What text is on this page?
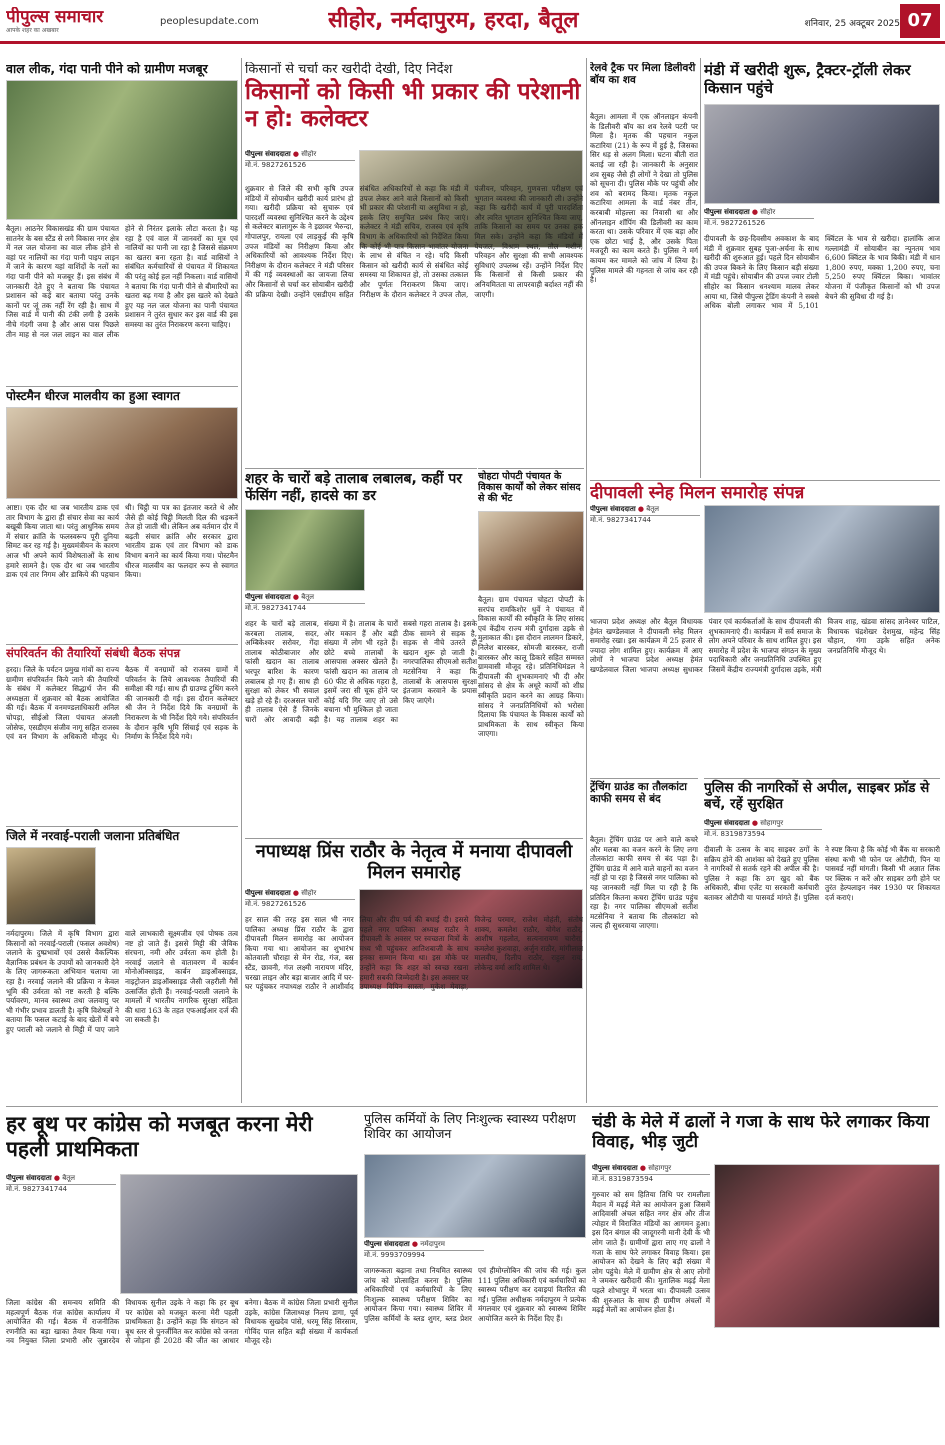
पीपुल्स समाचार
आपके शहर का अखबार
peoplesupdate.com	सीहोर, नर्मदापुरम, हरदा, बैतूल	शनिवार, 25 अक्टूबर 2025 07
वाल लीक, गंदा पानी पीने को ग्रामीण मजबूर
बैतूल। आठनेर विकासखंड की ग्राम पंचायत सातनेर के बस स्टैंड से लगे विकास नगर क्षेत्र में नल जल योजना का वाल लीक होने से वहां पर नालियों का गंदा पानी पाइप लाइन में जाने के कारण यहां वाशिंदों के नलों का गंदा पानी पीने को मजबूर हैं। इस संबंध में जानकारी देते हुए ने बताया कि पंचायत प्रशासन को कई बार बताया परंतु उनके कानों पर जूं तक नहीं रेंग रही है। साथ में जिस वार्ड में पानी की टंकी लगी है उसके नीचे गंदगी जमा है और आस पास पिछले तीन माह से नल जल लाइन का वाल लीक होने से निरंतर इलाके लौटा करता है। यह रहा है एवं वाल में जानवरों का मूत्र एवं नालियों का पानी जा रहा है जिससे संक्रमण का खतरा बना रहता है। वार्ड वासियों ने संबंधित कर्मचारियों से पंचायत में शिकायत की परंतु कोई हल नहीं निकला। वार्ड वासियों ने बताया कि गंदा पानी पीने से बीमारियों का खतरा बढ़ गया है और इस खतरे को देखते हुए यह नल जल योजना का पानी पंचायत प्रशासन ने तुरंत सुधार कर इस वार्ड की इस समस्या का तुरंत निराकरण करना चाहिए।
पोस्टमैन धीरज मालवीय का हुआ स्वागत
आष्टा। एक दौर था जब भारतीय डाक एवं तार विभाग के द्वारा ही संचार सेवा का कार्य बखूबी किया जाता था। परंतु आधुनिक समय में संचार क्रांति के फलस्वरूप पूरी दुनिया सिमट कर रह गई है। मुख्यमंत्रीयन के कारण आज भी अपने कार्य विशेषताओं के साथ हमारे सामने है। एक दौर था जब भारतीय डाक एवं तार निगम और डाकिये की पहचान थी। चिट्ठी या पत्र का इंतजार करते थे और जैसे ही कोई चिट्ठी मिलती दिल की धड़कनें तेज हो जाती थी। लेकिन अब वर्तमान दौर में बढ़ती संचार क्रांति और सरकार द्वारा भारतीय डाक एवं तार विभाग को डाक विभाग बनाने का कार्य किया गया। पोस्टमैन धीरज मालवीय का फलदार रूप से स्वागत किया।
संपरिवर्तन की तैयारियों संबंधी बैठक संपन्न
हरदा। जिले के पर्यटन प्रमुख गांवों का राज्य ग्रामीण संपरिवर्तन किये जाने की तैयारियों के संबंध में कलेक्टर सिद्धार्थ जैन की अध्यक्षता में शुक्रवार को बैठक आयोजित की गई। बैठक में वनमण्डलाधिकारी अनिल चोपड़ा, सीईओ जिला पंचायत अंजली जोसेफ, एसडीएम संजीव नागू सहित राजस्व एवं वन विभाग के अधिकारी मौजूद थे। बैठक में वनग्रामों को राजस्व ग्रामों में परिवर्तन के लिये आवश्यक तैयारियों की समीक्षा की गई। साथ ही ग्राउण्ड ट्रूथिंग करने की जानकारी दी गई। इस दौरान कलेक्टर श्री जैन ने निर्देश दिये कि वनग्रामों के निराकरण के भी निर्देश दिये गये। संपरिवर्तन के दौरान कृषि भूमि सिंचाई एवं सड़क के निर्माण के निर्देश दिये गये।
जिले में नरवाई-पराली जलाना प्रतिबंधित
नर्मदापुरम। जिले में कृषि विभाग द्वारा किसानों को नरवाई-पराली (फसल अवशेष) जलाने के दुष्प्रभावों एवं उससे वैकल्पिक वैज्ञानिक प्रबंधन के उपायों को जानकारी देने के लिए जागरूकता अभियान चलाया जा रहा है। नरवाई जलाने की प्रक्रिया न केवल भूमि की उर्वरता को नष्ट करती है बल्कि पर्यावरण, मानव स्वास्थ्य तथा जलवायु पर भी गंभीर प्रभाव डालती है। कृषि विशेषज्ञों ने बताया कि फसल कटाई के बाद खेतों में बचे हुए पराली को जलाने से मिट्टी में पाए जाने वाले लाभकारी सूक्ष्मजीव एवं पोषक तत्व नष्ट हो जाते हैं। इससे मिट्टी की जैविक संरचना, नमी और उर्वरता कम होती है। नरवाई जलाने से वातावरण में कार्बन मोनोऑक्साइड, कार्बन डाइऑक्साइड, नाइट्रोजन डाइऑक्साइड जैसी जहरीली गैसें उत्सर्जित होती हैं। नरवाई-पराली जलाने के मामलों में भारतीय नागरिक सुरक्षा संहिता की धारा 163 के तहत एफआईआर दर्ज की जा सकती है।
किसानों से चर्चा कर खरीदी देखी, दिए निर्देश
किसानों को किसी भी प्रकार की परेशानी न हो: कलेक्टर
पीपुल्स संवाददाता ● सीहोर
मो.नं. 9827261526
शुक्रवार से जिले की सभी कृषि उपज मंडियों में सोयाबीन खरीदी कार्य प्रारंभ हो गया। खरीदी प्रक्रिया को सुचारू एवं पारदर्शी व्यवस्था सुनिश्चित करने के उद्देश्य से कलेक्टर बालागुरू के ने इछावर भैरुन्दा, गोपालपुर, रायला एवं लाड़कुई की कृषि उपज मंडियों का निरीक्षण किया और अधिकारियों को आवश्यक निर्देश दिए। निरीक्षण के दौरान कलेक्टर ने मंडी परिसर में की गई व्यवस्थाओं का जायजा लिया और किसानों से चर्चा कर सोयाबीन खरीदी की प्रक्रिया देखी। उन्होंने एसडीएम सहित संबंधित अधिकारियों से कहा कि मंडी में उपज लेकर आने वाले किसानों को किसी भी प्रकार की परेशानी या असुविधा न हो, इसके लिए समुचित प्रबंध किए जाएं। कलेक्टर ने मंडी सचिव, राजस्व एवं कृषि विभाग के अधिकारियों को निर्देशित किया कि कोई भी पात्र किसान भावांतर योजना के लाभ से वंचित न रहे। यदि किसी किसान को खरीदी कार्य से संबंधित कोई समस्या या शिकायत हो, तो उसका तत्काल और पूर्णतः निराकरण किया जाए। निरीक्षण के दौरान कलेक्टर ने उपज तौल, पंजीयन, परिवहन, गुणवत्ता परीक्षण एवं भुगतान व्यवस्था की जानकारी ली। उन्होंने कहा कि खरीदी कार्य में पूरी पारदर्शिता और त्वरित भुगतान सुनिश्चित किया जाए, ताकि किसानों का समय पर उनका हक मिल सके। उन्होंने कहा कि मंडियों में पेयजल, विश्राम स्थल, तौल मशीन, परिवहन और सुरक्षा की सभी आवश्यक सुविधाएं उपलब्ध रहें। उन्होंने निर्देश दिए कि किसानों से किसी प्रकार की अनियमितता या लापरवाही बर्दाश्त नहीं की जाएगी।
शहर के चारों बड़े तालाब लबालब, कहीं पर फेंसिंग नहीं, हादसे का डर
पीपुल्स संवाददाता ● बैतूल
मो.नं. 9827341744
शहर के चारों बड़े तालाब, करबला तालाब, सदर, अम्बिकेश्वर सरोवर, गेंदा तालाब कोठीबाजार और फांसी खदान का तालाब भरपूर बारिश के कारण लबालब हो गए हैं। साथ ही सुरक्षा को लेकर भी सवाल खड़े हो रहे हैं। दरअसल चारों ही तालाब ऐसे हैं जिनके चारों ओर आवादी बढ़ी संख्या में है। तालाब के चारों ओर मकान हैं और बड़ी संख्या में लोग भी रहते हैं। छोटे बच्चे तालाबों के आसपास अक्सर खेलते हैं। फांसी खदान का तालाब तो 60 फीट से अधिक गहरा है, इसमें जरा सी चूक होने पर कोई यदि गिर जाए तो उसे बचाना भी मुश्किल हो जाता है। यह तालाब शहर का सबसे गहरा तालाब है। इसके ठीक सामने से सड़क है, सड़क से नीचे उतरते ही खदान शुरू हो जाती है। नगरपालिका सीएमओ सतीश मटसेनिया ने कहा कि तालाबों के आसपास सुरक्षा इंतजाम करवाने के प्रयास किए जाएंगे।
चोहटा पोपटी पंचायत के विकास कार्यों को लेकर सांसद से की भेंट
बैतूल। ग्राम पंचायत चोहटा पोपटी के सरपंच रामकिशोर धुर्वे ने पंचायत में विकास कार्यों की स्वीकृति के लिए सांसद एवं केंद्रीय राज्य मंत्री दुर्गादास उइके से मुलाकात की। इस दौरान लालमन डिकारे, निलेश बारस्कर, सोमजी बारस्कर, राजी बारस्कर और कालू डिकारे सहित सम्मस्त ग्रामवासी मौजूद रहे। प्रतिनिधिमंडल ने दीपावली की शुभकामनाएं भी दी और सांसद से क्षेत्र के अधूरे कार्यों को शीघ्र स्वीकृति प्रदान करने का आग्रह किया। सांसद ने जनप्रतिनिधियों को भरोसा दिलाया कि पंचायत के विकास कार्यों को प्राथमिकता के साथ स्वीकृत किया जाएगा।
नपाध्यक्ष प्रिंस राठौर के नेतृत्व में मनाया दीपावली मिलन समारोह
पीपुल्स संवाददाता ● सीहोर
मो.नं. 9827261526
हर साल की तरह इस साल भी नगर पालिका अध्यक्ष प्रिंस राठौर के द्वारा दीपावली मिलन समारोह का आयोजन किया गया था। आयोजन का शुभारंभ कोतवाली चौराहा से मेन रोड, गंज, बस स्टैंड, छावनी, गंज लक्ष्मी नारायण मंदिर, चरखा लाइन और बड़ा बाजार आदि में घर-घर पहुंचकर नपाध्यक्ष राठौर ने आशीर्वाद लिया और दीप पर्व की बधाई दी। इससे पहले नगर पालिका अध्यक्ष राठौर ने दीपावली के अवसर पर स्वच्छता मित्रों के मध्य भी पहुंचकर आतिशबाजी के साथ इनका सम्मान किया था। इस मौके पर उन्होंने कहा कि शहर को स्वच्छ रखना हमारी सबकी जिम्मेदारी है। इस अवसर पर उपाध्यक्ष विपिन सास्ता, मुकेश मेवाड़ा, विजेन्द्र परमार, राजेश मोहंती, संतोष शाक्य, कमलेश राठौर, योगेश राठौर, आशीष गहलोत, सत्यनारायण चारौरा, कमलेश कुशवाहा, अर्जुन राठौर, मांगीलाल मालवीय, दिलीप राठौर, राहुल राय, लोकेन्द्र वर्मा आदि शामिल थे।
रेलवे ट्रैक पर मिला डिलीवरी बॉय का शव
बैतूल। आमला में एक ऑनलाइन कंपनी के डिलीवरी बॉय का शव रेलवे पटरी पर मिला है। मृतक की पहचान नकुल कटारिया (21) के रूप में हुई है, जिसका सिर धड़ से अलग मिला। घटना बीती रात बताई जा रही है। जानकारी के अनुसार शव सुबह जैसे ही लोगों ने देखा तो पुलिस को सूचना दी। पुलिस मौके पर पहुंची और शव को बरामद किया। मृतक नकुल कटारिया आमला के वार्ड नंबर तीन, करबाबी मोहल्ला का निवासी था और ऑनलाइन शॉपिंग की डिलीवरी का काम करता था। उसके परिवार में एक बड़ा और एक छोटा भाई है, और उसके पिता मजदूरी का काम करते हैं। पुलिस ने मर्ग कायम कर मामले को जांच में लिया है। पुलिस मामले की गहनता से जांच कर रही है।
मंडी में खरीदी शुरू, ट्रैक्टर-ट्रॉली लेकर किसान पहुंचे
पीपुल्स संवाददाता ● सीहोर
मो.नं. 9827261526
दीपावली के छह-दिवसीय अवकाश के बाद मंडी में शुक्रवार सुबह पूजा-अर्चना के साथ खरीदी की शुरुआत हुई। पहले दिन सोयाबीन की उपज बिकने के लिए किसान बड़ी संख्या में मंडी पहुंचे। सोयाबीन की उपज ज्वार टोली सीहोर का किसान धनश्याम मालव लेकर आया था, जिसे पीपुल्स ट्रेडिंग कंपनी ने सबसे अधिक बोली लगाकर भाव में 5,101 क्विंटल के भाव से खरीदा। हालांकि आज गल्लामंडी में सोयाबीन का न्यूनतम भाव 6,600 क्विंटल के भाव बिकी। मंडी में धान 1,800 रुपए, मक्का 1,200 रुपए, चना 5,250 रुपए क्विंटल बिका। भावांतर योजना में पंजीकृत किसानों को भी उपज बेचने की सुविधा दी गई है।
दीपावली स्नेह मिलन समारोह संपन्न
पीपुल्स संवाददाता ● बैतूल
मो.नं. 9827341744
भाजपा प्रदेश अध्यक्ष और बैतूल विधायक हेमंत खण्डेलवाल ने दीपावली स्नेह मिलन समारोह रखा। इस कार्यक्रम में 25 हजार से ज्यादा लोग शामिल हुए। कार्यक्रम में आए लोगों ने भाजपा प्रदेश अध्यक्ष हेमंत खण्डेलवाल जिला भाजपा अध्यक्ष सुधाकर पंवार एवं कार्यकर्ताओं के साथ दीपावली की शुभकामनाएं दी। कार्यक्रम में सर्व समाज के लोग अपने परिवार के साथ शामिल हुए। इस समारोह में प्रदेश के भाजपा संगठन के मुख्य पदाधिकारी और जनप्रतिनिधि उपस्थित हुए जिसमें केंद्रीय राज्यमंत्री दुर्गादास उइके, मंत्री विजय शाह, खंडवा सांसद ज्ञानेश्वर पाटिल, विधायक चंद्रशेखर देशमुख, महेन्द्र सिंह चौहान, गंगा उइके सहित अनेक जनप्रतिनिधि मौजूद थे।
ट्रेंचिंग ग्राउंड का तौलकांटा काफी समय से बंद
बैतूल। ट्रेंचिंग ग्राउंड पर आने वाले कचरे और मलबा का वजन करने के लिए लगा तौलकांटा काफी समय से बंद पड़ा है। ट्रेंचिंग ग्राउंड में आने वाले वाहनों का वजन नहीं हो पा रहा है जिससे नगर पालिका को यह जानकारी नहीं मिल पा रही है कि प्रतिदिन कितना कचरा ट्रेंचिंग ग्राउंड पहुंच रहा है। नगर पालिका सीएमओ सतीश मटसेनिया ने बताया कि तौलकांटा को जल्द ही सुधरवाया जाएगा।
पुलिस की नागरिकों से अपील, साइबर फ्रॉड से बचें, रहें सुरक्षित
पीपुल्स संवाददाता ● सोहागपुर
मो.नं. 8319873594
दीवाली के उत्सव के बाद साइबर ठगों के सक्रिय होने की आशंका को देखते हुए पुलिस ने नागरिकों से सतर्क रहने की अपील की है। पुलिस ने कहा कि ठग खुद को बैंक अधिकारी, बीमा एजेंट या सरकारी कर्मचारी बताकर ओटीपी या पासवर्ड मांगते हैं। पुलिस ने स्पष्ट किया है कि कोई भी बैंक या सरकारी संस्था कभी भी फोन पर ओटीपी, पिन या पासवर्ड नहीं मांगती। किसी भी अज्ञात लिंक पर क्लिक न करें और साइबर ठगी होने पर तुरंत हेल्पलाइन नंबर 1930 पर शिकायत दर्ज कराएं।
हर बूथ पर कांग्रेस को मजबूत करना मेरी पहली प्राथमिकता
पीपुल्स संवाददाता ● बैतूल
मो.नं. 9827341744
जिला कांग्रेस की समन्वय समिति की महत्वपूर्ण बैठक गंज कांग्रेस कार्यालय में आयोजित की गई। बैठक में राजनीतिक रणनीति का बड़ा खाका तैयार किया गया। नव नियुक्त जिला प्रभारी और जुन्नारदेव विधायक सुनील उइके ने कहा कि हर बूथ पर कांग्रेस को मजबूत करना मेरी पहली प्राथमिकता है। उन्होंने कहा कि संगठन को बूथ स्तर से पुनर्जीवित कर कांग्रेस को जनता से जोड़ना ही 2028 की जीत का आधार बनेगा। बैठक में कांग्रेस जिला प्रभारी सुनील उइके, कांग्रेस जिलाध्यक्ष निलय डागा, पूर्व विधायक सुखदेव पांसे, धरमू सिंह सिरसाम, गोविंद पाल सहित बड़ी संख्या में कार्यकर्ता मौजूद रहे।
पुलिस कर्मियों के लिए निःशुल्क स्वास्थ्य परीक्षण शिविर का आयोजन
पीपुल्स संवाददाता ● नर्मदापुरम
मो.नं. 9993709994
जागरूकता बढ़ाना तथा नियमित स्वास्थ्य जांच को प्रोत्साहित करना है। पुलिस अधिकारियों एवं कर्मचारियों के लिए निःशुल्क स्वास्थ्य परीक्षण शिविर का आयोजन किया गया। स्वास्थ्य शिविर में पुलिस कर्मियों के ब्लड शुगर, ब्लड प्रेशर एवं हीमोग्लोबिन की जांच की गई। कुल 111 पुलिस अधिकारी एवं कर्मचारियों का स्वास्थ्य परीक्षण कर दवाइयां वितरित की गईं। पुलिस अधीक्षक नर्मदापुरम ने प्रत्येक मंगलवार एवं शुक्रवार को स्वास्थ्य शिविर आयोजित करने के निर्देश दिए हैं।
चंडी के मेले में ढालों ने गजा के साथ फेरे लगाकर किया विवाह, भीड़ जुटी
पीपुल्स संवाददाता ● सोहागपुर
मो.नं. 8319873594
गुरुवार को सम हितिया तिथि पर रामलीला मैदान में मढ़ई मेले का आयोजन हुआ जिसमें आदिवासी अंचल सहित नगर क्षेत्र और तीज त्योहार में विराजित मंडियों का आगमन हुआ। इस दिन बंगाल की जादूगरनी मानी देवी के भी लोग जाते हैं। ग्रामीणों द्वारा लाए गए ढालों ने गजा के साथ फेरे लगाकर विवाह किया। इस आयोजन को देखने के लिए बड़ी संख्या में लोग पहुंचे। मेले में ग्रामीण क्षेत्र से आए लोगों ने जमकर खरीदारी की। मुतालिक मढ़ई मेला पहले शोभापुर में भरता था। दीपावली उत्सव की शुरुआत के साथ ही ग्रामीण अंचलों में मढ़ई मेलों का आयोजन होता है।
